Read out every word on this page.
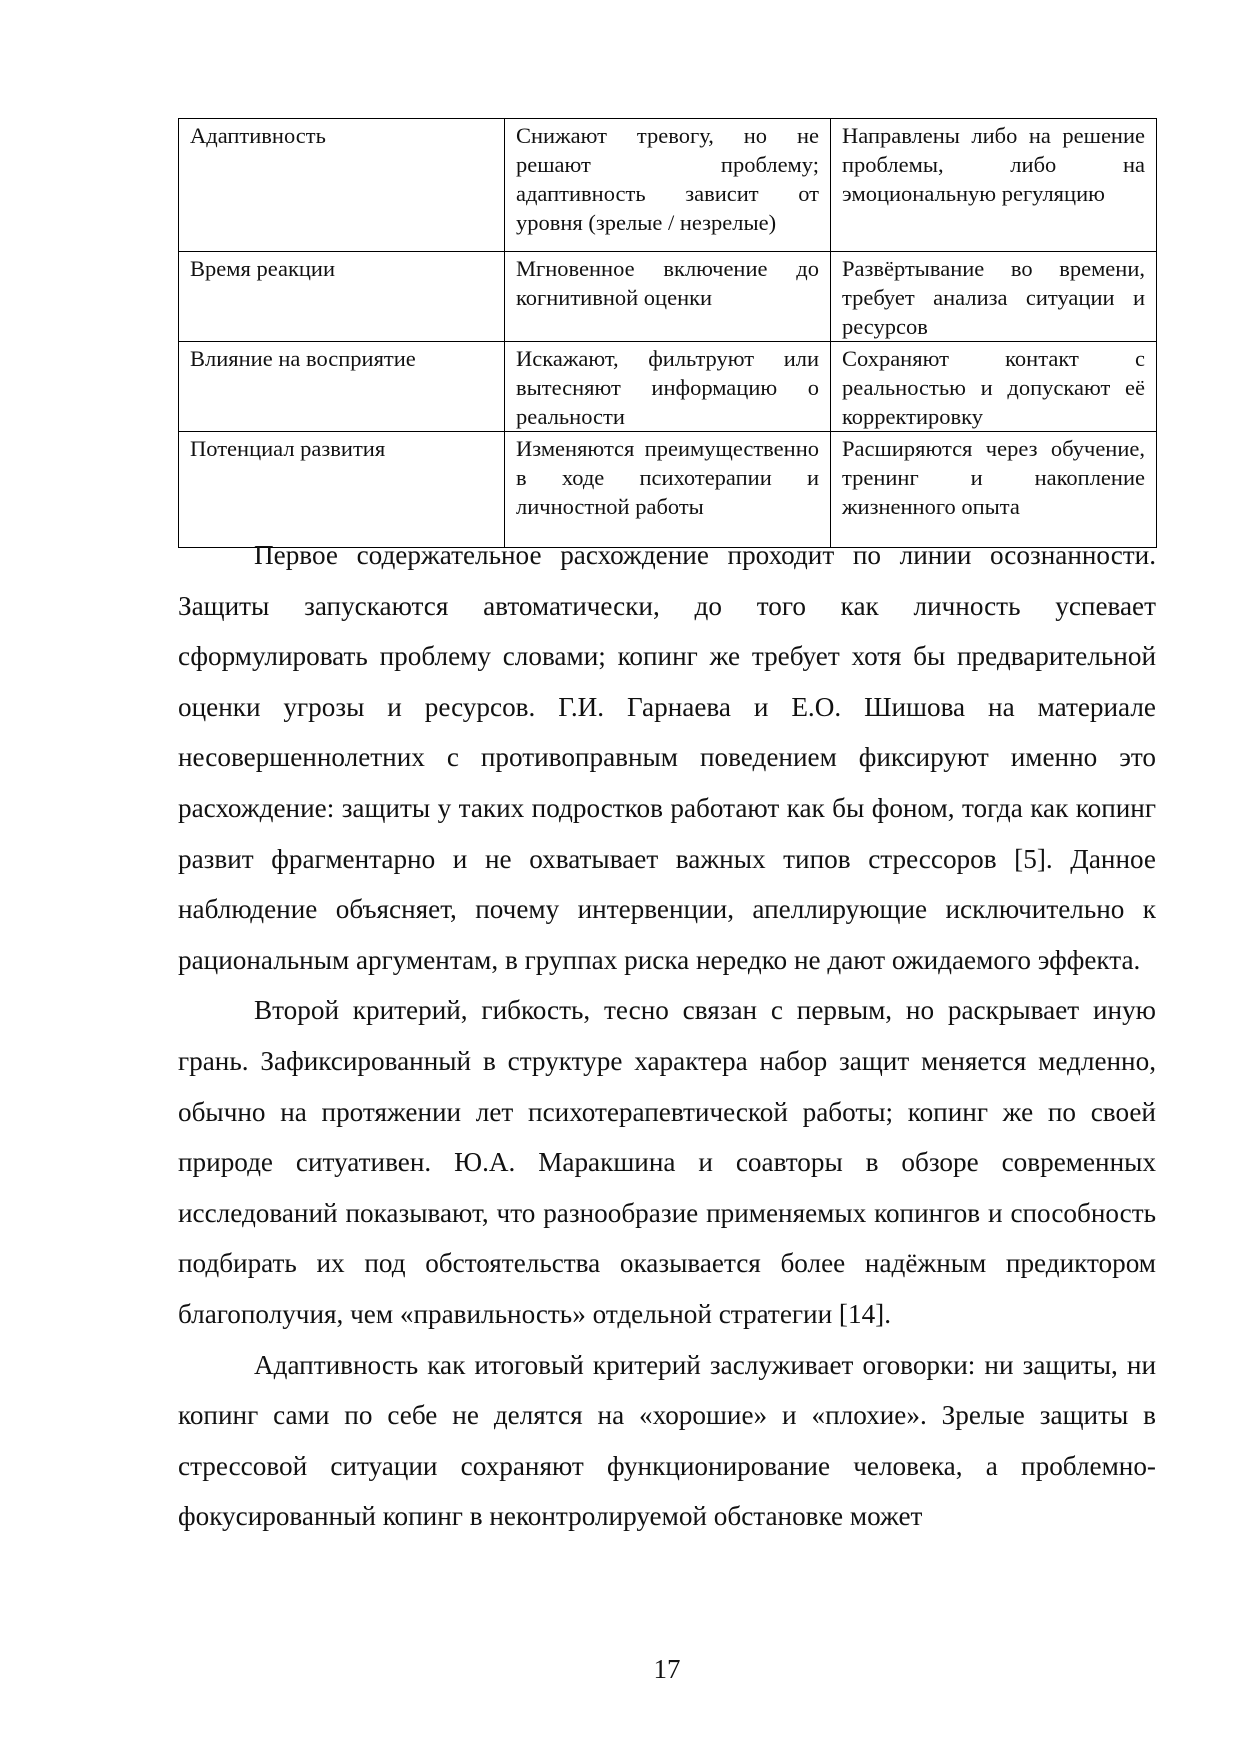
Адаптивность	Снижают тревогу, но не решают проблему; адаптивность зависит от уровня (зрелые / незрелые)	Направлены либо на решение проблемы, либо на эмоциональную регуляцию
Время реакции	Мгновенное включение до когнитивной оценки	Развёртывание во времени, требует анализа ситуации и ресурсов
Влияние на восприятие	Искажают, фильтруют или вытесняют информацию о реальности	Сохраняют контакт с реальностью и допускают её корректировку
Потенциал развития	Изменяются преимущественно в ходе психотерапии и личностной работы	Расширяются через обучение, тренинг и накопление жизненного опыта

Первое содержательное расхождение проходит по линии осознанности. Защиты запускаются автоматически, до того как личность успевает сформулировать проблему словами; копинг же требует хотя бы предварительной оценки угрозы и ресурсов. Г.И. Гарнаева и Е.О. Шишова на материале несовершеннолетних с противоправным поведением фиксируют именно это расхождение: защиты у таких подростков работают как бы фоном, тогда как копинг развит фрагментарно и не охватывает важных типов стрессоров [5]. Данное наблюдение объясняет, почему интервенции, апеллирующие исключительно к рациональным аргументам, в группах риска нередко не дают ожидаемого эффекта.

Второй критерий, гибкость, тесно связан с первым, но раскрывает иную грань. Зафиксированный в структуре характера набор защит меняется медленно, обычно на протяжении лет психотерапевтической работы; копинг же по своей природе ситуативен. Ю.А. Маракшина и соавторы в обзоре современных исследований показывают, что разнообразие применяемых копингов и способность подбирать их под обстоятельства оказывается более надёжным предиктором благополучия, чем «правильность» отдельной стратегии [14].

Адаптивность как итоговый критерий заслуживает оговорки: ни защиты, ни копинг сами по себе не делятся на «хорошие» и «плохие». Зрелые защиты в стрессовой ситуации сохраняют функционирование человека, а проблемно-фокусированный копинг в неконтролируемой обстановке может

17
